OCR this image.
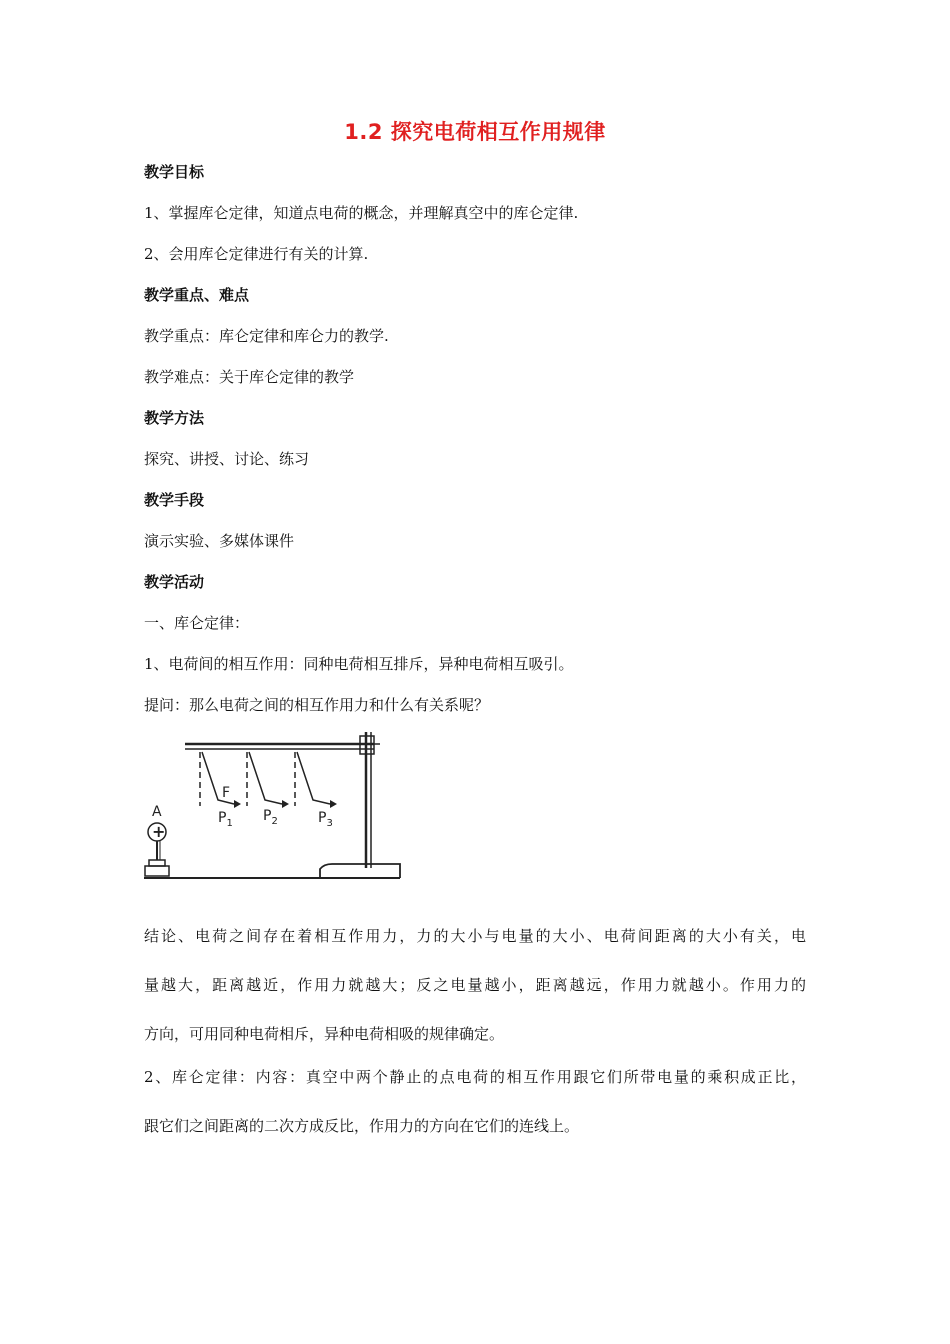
1.2 探究电荷相互作用规律
教学目标
1、掌握库仑定律，知道点电荷的概念，并理解真空中的库仑定律.
2、会用库仑定律进行有关的计算.
教学重点、难点
教学重点：库仑定律和库仑力的教学.
教学难点：关于库仑定律的教学
教学方法
探究、讲授、讨论、练习
教学手段
演示实验、多媒体课件
教学活动
一、库仑定律：
1、电荷间的相互作用：同种电荷相互排斥，异种电荷相互吸引。
提问：那么电荷之间的相互作用力和什么有关系呢？
A
+
F
$P_1$ $P_2$	$P_3$
结论、电荷之间存在着相互作用力，力的大小与电量的大小、电荷间距离的大小有关，电
量越大，距离越近，作用力就越大；反之电量越小，距离越远，作用力就越小。作用力的
方向，可用同种电荷相斥，异种电荷相吸的规律确定。
2、库仑定律：内容：真空中两个静止的点电荷的相互作用跟它们所带电量的乘积成正比，
跟它们之间距离的二次方成反比，作用力的方向在它们的连线上。
